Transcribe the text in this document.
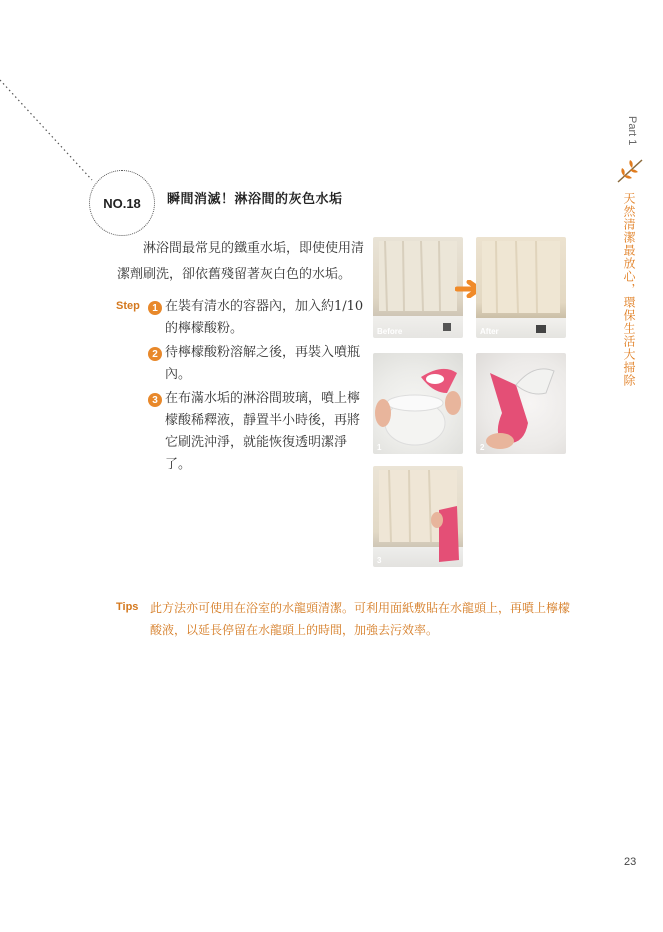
NO.18 瞬間消滅！淋浴間的灰色水垢
淋浴間最常見的鐵重水垢，即使使用清潔劑刷洗，卻依舊殘留著灰白色的水垢。
Step	1 在裝有清水的容器內，加入約1/10的檸檬酸粉。
2 待檸檬酸粉溶解之後，再裝入噴瓶內。
3 在布滿水垢的淋浴間玻璃，噴上檸檬酸稀釋液，靜置半小時後，再將它刷洗沖淨，就能恢復透明潔淨了。
Before	After
1	2
3
Tips 此方法亦可使用在浴室的水龍頭清潔。可利用面紙敷貼在水龍頭上，再噴上檸檬酸液，以延長停留在水龍頭上的時間，加強去污效率。
Part 1
天然清潔最放心，環保生活大掃除
23
